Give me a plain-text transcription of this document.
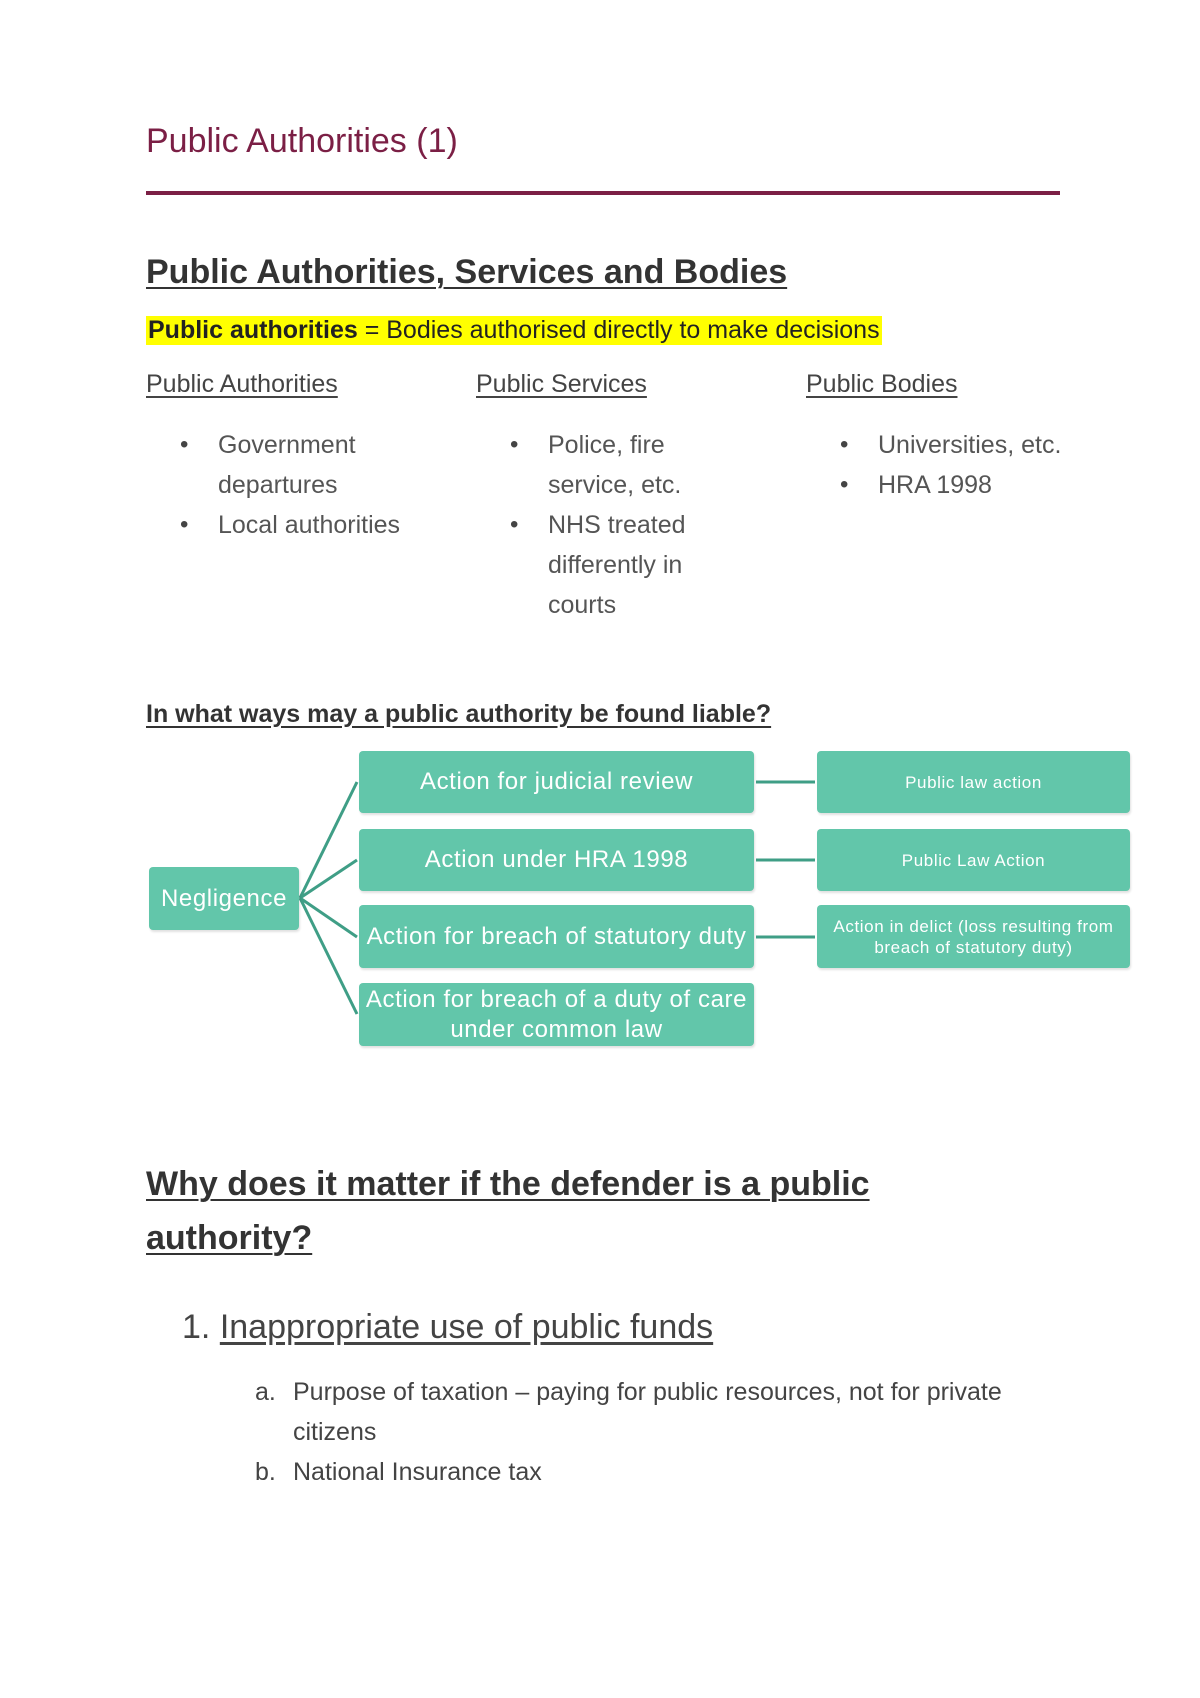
Public Authorities (1)
Public Authorities, Services and Bodies
Public authorities = Bodies authorised directly to make decisions
Public Authorities
• Government departures
• Local authorities
Public Services
• Police, fire service, etc.
• NHS treated differently in courts
Public Bodies
• Universities, etc.
• HRA 1998
In what ways may a public authority be found liable?
Negligence
Action for judicial review
Action under HRA 1998
Action for breach of statutory duty
Action for breach of a duty of care under common law
Public law action
Public Law Action
Action in delict (loss resulting from breach of statutory duty)
Why does it matter if the defender is a public authority?
1. Inappropriate use of public funds
a. Purpose of taxation – paying for public resources, not for private citizens
b. National Insurance tax
